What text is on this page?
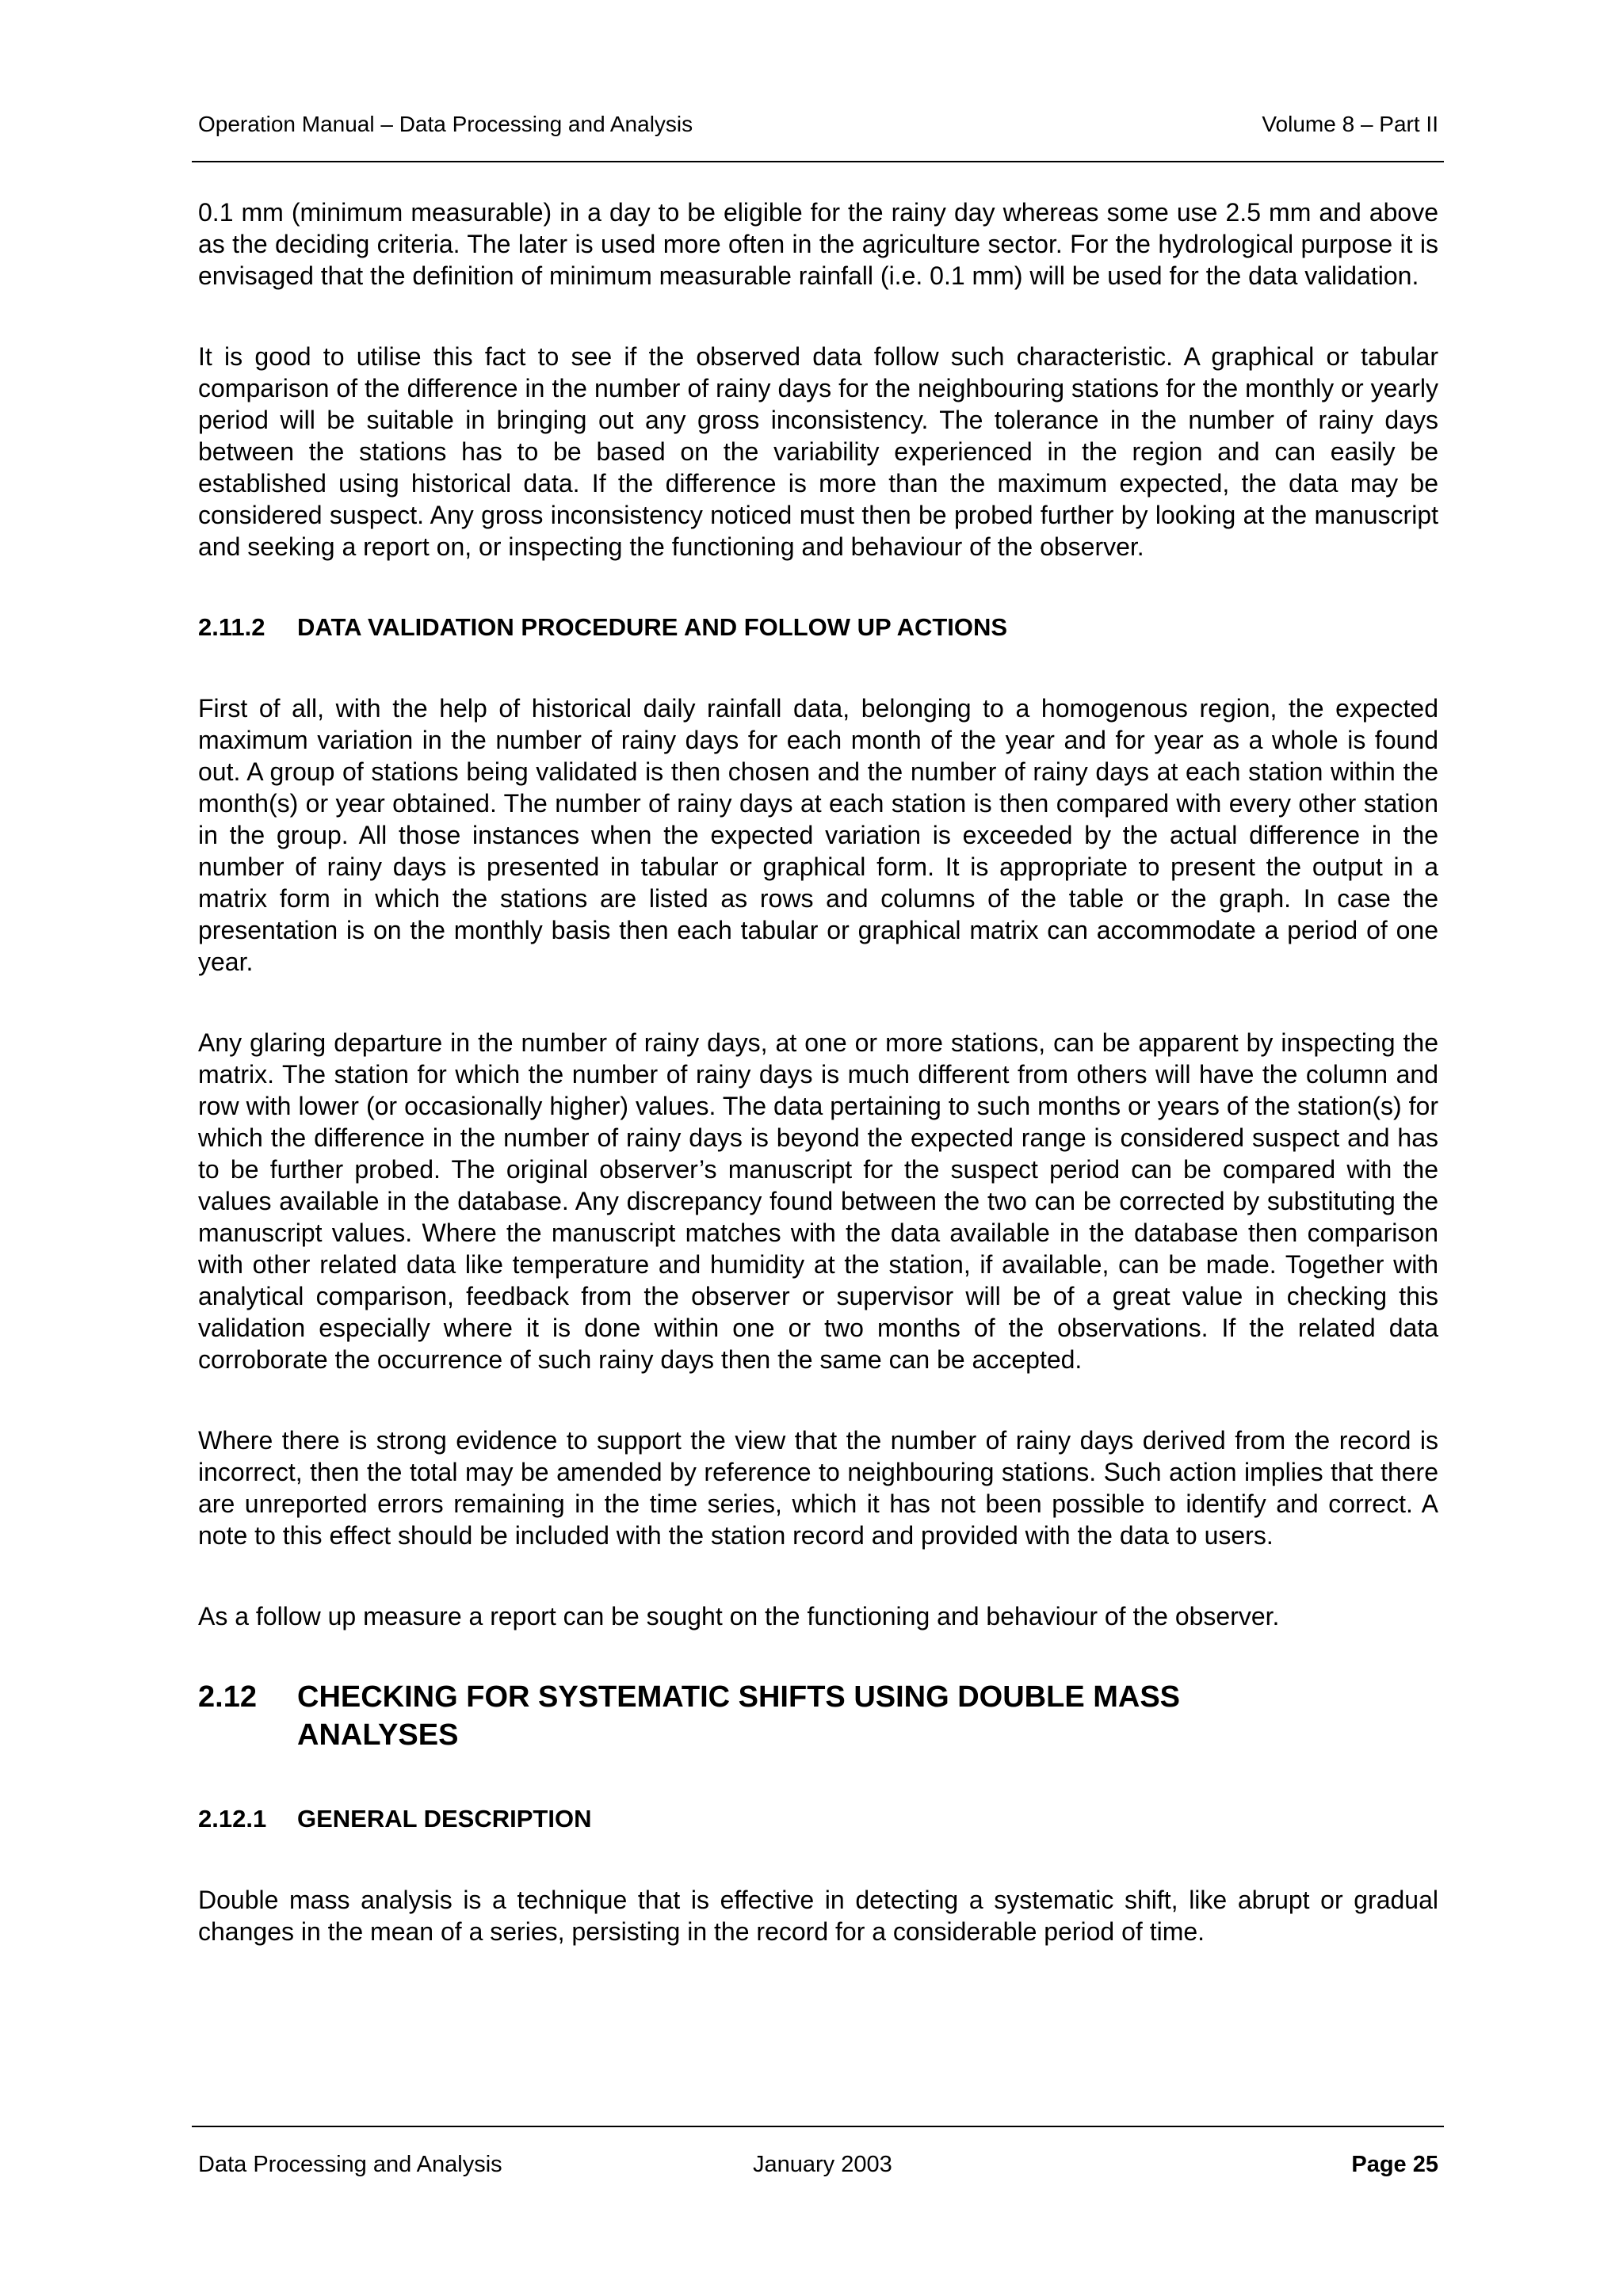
Operation Manual – Data Processing and Analysis	Volume 8 – Part II

0.1 mm (minimum measurable) in a day to be eligible for the rainy day whereas some use 2.5 mm and above as the deciding criteria. The later is used more often in the agriculture sector. For the hydrological purpose it is envisaged that the definition of minimum measurable rainfall (i.e. 0.1 mm) will be used for the data validation.

It is good to utilise this fact to see if the observed data follow such characteristic. A graphical or tabular comparison of the difference in the number of rainy days for the neighbouring stations for the monthly or yearly period will be suitable in bringing out any gross inconsistency. The tolerance in the number of rainy days between the stations has to be based on the variability experienced in the region and can easily be established using historical data. If the difference is more than the maximum expected, the data may be considered suspect. Any gross inconsistency noticed must then be probed further by looking at the manuscript and seeking a report on, or inspecting the functioning and behaviour of the observer.

2.11.2	DATA VALIDATION PROCEDURE AND FOLLOW UP ACTIONS

First of all, with the help of historical daily rainfall data, belonging to a homogenous region, the expected maximum variation in the number of rainy days for each month of the year and for year as a whole is found out. A group of stations being validated is then chosen and the number of rainy days at each station within the month(s) or year obtained. The number of rainy days at each station is then compared with every other station in the group. All those instances when the expected variation is exceeded by the actual difference in the number of rainy days is presented in tabular or graphical form. It is appropriate to present the output in a matrix form in which the stations are listed as rows and columns of the table or the graph. In case the presentation is on the monthly basis then each tabular or graphical matrix can accommodate a period of one year.

Any glaring departure in the number of rainy days, at one or more stations, can be apparent by inspecting the matrix. The station for which the number of rainy days is much different from others will have the column and row with lower (or occasionally higher) values. The data pertaining to such months or years of the station(s) for which the difference in the number of rainy days is beyond the expected range is considered suspect and has to be further probed. The original observer’s manuscript for the suspect period can be compared with the values available in the database. Any discrepancy found between the two can be corrected by substituting the manuscript values. Where the manuscript matches with the data available in the database then comparison with other related data like temperature and humidity at the station, if available, can be made. Together with analytical comparison, feedback from the observer or supervisor will be of a great value in checking this validation especially where it is done within one or two months of the observations. If the related data corroborate the occurrence of such rainy days then the same can be accepted.

Where there is strong evidence to support the view that the number of rainy days derived from the record is incorrect, then the total may be amended by reference to neighbouring stations. Such action implies that there are unreported errors remaining in the time series, which it has not been possible to identify and correct. A note to this effect should be included with the station record and provided with the data to users.

As a follow up measure a report can be sought on the functioning and behaviour of the observer.

2.12	CHECKING FOR SYSTEMATIC SHIFTS USING DOUBLE MASS ANALYSES
2.12.1	GENERAL DESCRIPTION

Double mass analysis is a technique that is effective in detecting a systematic shift, like abrupt or gradual changes in the mean of a series, persisting in the record for a considerable period of time.

Data Processing and Analysis	January 2003	Page 25
